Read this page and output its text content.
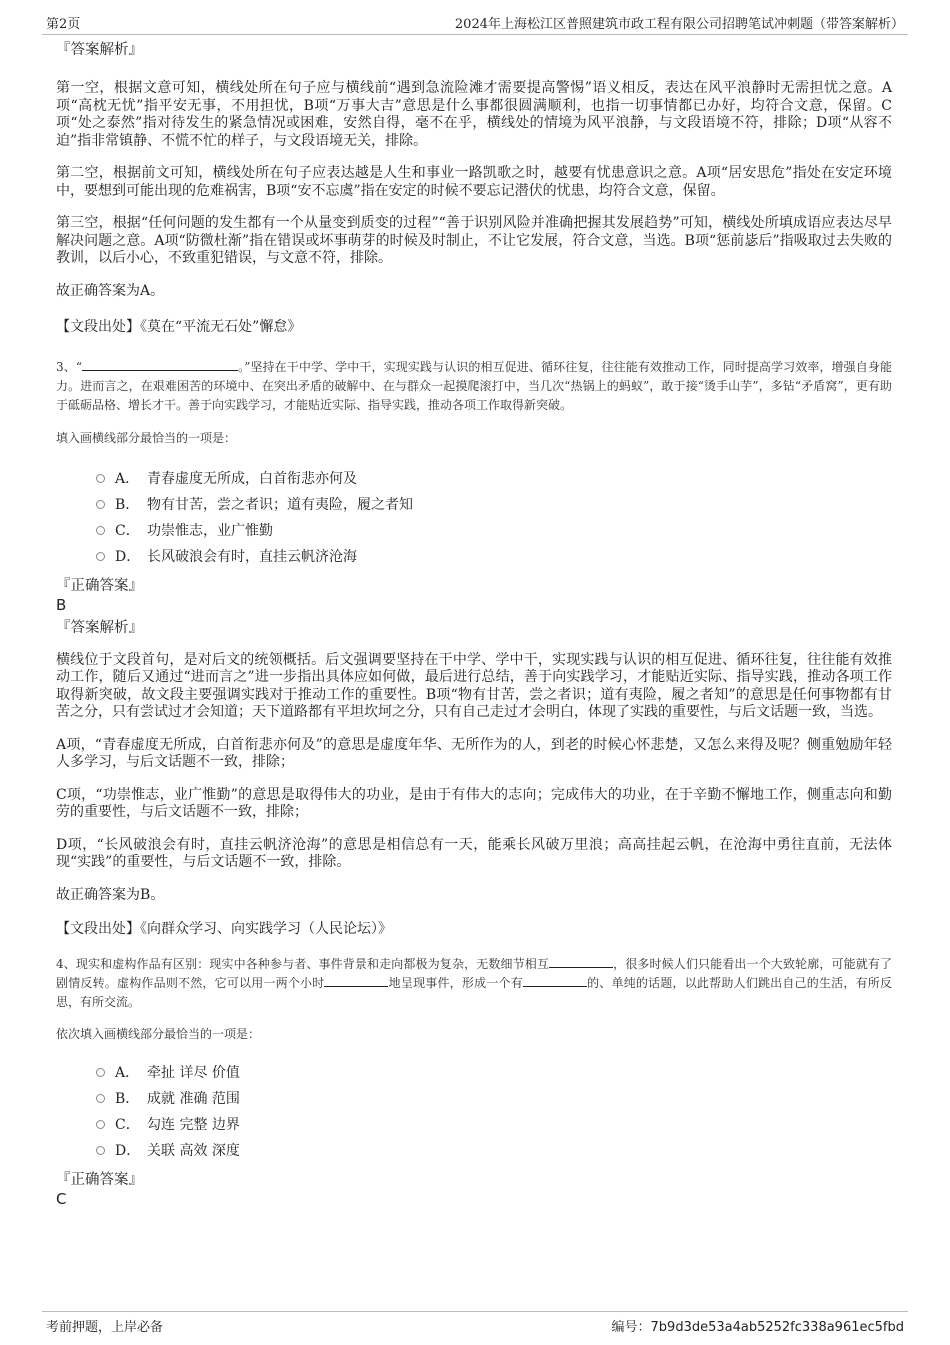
第2页	2024年上海松江区普照建筑市政工程有限公司招聘笔试冲刺题（带答案解析）

『答案解析』

第一空，根据文意可知，横线处所在句子应与横线前“遇到急流险滩才需要提高警惕”语义相反，表达在风平浪静时无需担忧之意。A项“高枕无忧”指平安无事，不用担忧，B项“万事大吉”意思是什么事都很圆满顺利，也指一切事情都已办好，均符合文意，保留。C项“处之泰然”指对待发生的紧急情况或困难，安然自得，毫不在乎，横线处的情境为风平浪静，与文段语境不符，排除；D项“从容不迫”指非常镇静、不慌不忙的样子，与文段语境无关，排除。

第二空，根据前文可知，横线处所在句子应表达越是人生和事业一路凯歌之时，越要有忧患意识之意。A项“居安思危”指处在安定环境中，要想到可能出现的危难祸害，B项“安不忘虞”指在安定的时候不要忘记潜伏的忧患，均符合文意，保留。

第三空，根据“任何问题的发生都有一个从量变到质变的过程”“善于识别风险并准确把握其发展趋势”可知，横线处所填成语应表达尽早解决问题之意。A项“防微杜渐”指在错误或坏事萌芽的时候及时制止，不让它发展，符合文意，当选。B项“惩前毖后”指吸取过去失败的教训，以后小心，不致重犯错误，与文意不符，排除。

故正确答案为A。

【文段出处】《莫在“平流无石处”懈怠》

3、“	。”坚持在干中学、学中干，实现实践与认识的相互促进、循环往复，往往能有效推动工作，同时提高学习效率，增强自身能力。进而言之，在艰难困苦的环境中、在突出矛盾的破解中、在与群众一起摸爬滚打中，当几次“热锅上的蚂蚁”，敢于接“烫手山芋”，多钻“矛盾窝”，更有助于砥砺品格、增长才干。善于向实践学习，才能贴近实际、指导实践，推动各项工作取得新突破。

填入画横线部分最恰当的一项是：

A． 青春虚度无所成，白首衔悲亦何及
B． 物有甘苦，尝之者识；道有夷险，履之者知
C． 功崇惟志，业广惟勤
D． 长风破浪会有时，直挂云帆济沧海

『正确答案』

B

『答案解析』

横线位于文段首句，是对后文的统领概括。后文强调要坚持在干中学、学中干，实现实践与认识的相互促进、循环往复，往往能有效推动工作，随后又通过“进而言之”进一步指出具体应如何做，最后进行总结，善于向实践学习，才能贴近实际、指导实践，推动各项工作取得新突破，故文段主要强调实践对于推动工作的重要性。B项“物有甘苦，尝之者识；道有夷险，履之者知”的意思是任何事物都有甘苦之分，只有尝试过才会知道；天下道路都有平坦坎坷之分，只有自己走过才会明白，体现了实践的重要性，与后文话题一致，当选。

A项，“青春虚度无所成，白首衔悲亦何及”的意思是虚度年华、无所作为的人，到老的时候心怀悲楚，又怎么来得及呢？侧重勉励年轻人多学习，与后文话题不一致，排除；

C项，“功崇惟志，业广惟勤”的意思是取得伟大的功业，是由于有伟大的志向；完成伟大的功业，在于辛勤不懈地工作，侧重志向和勤劳的重要性，与后文话题不一致，排除；

D项，“长风破浪会有时，直挂云帆济沧海”的意思是相信总有一天，能乘长风破万里浪；高高挂起云帆，在沧海中勇往直前，无法体现“实践”的重要性，与后文话题不一致，排除。

故正确答案为B。

【文段出处】《向群众学习、向实践学习（人民论坛）》

4、现实和虚构作品有区别：现实中各种参与者、事件背景和走向都极为复杂，无数细节相互	，很多时候人们只能看出一个大致轮廓，可能就有了剧情反转。虚构作品则不然，它可以用一两个小时	地呈现事件，形成一个有	的、单纯的话题，以此帮助人们跳出自己的生活，有所反思，有所交流。

依次填入画横线部分最恰当的一项是：

A． 牵扯 详尽 价值
B． 成就 准确 范围
C． 勾连 完整 边界
D． 关联 高效 深度

『正确答案』

C

考前押题，上岸必备	编号：7b9d3de53a4ab5252fc338a961ec5fbd
